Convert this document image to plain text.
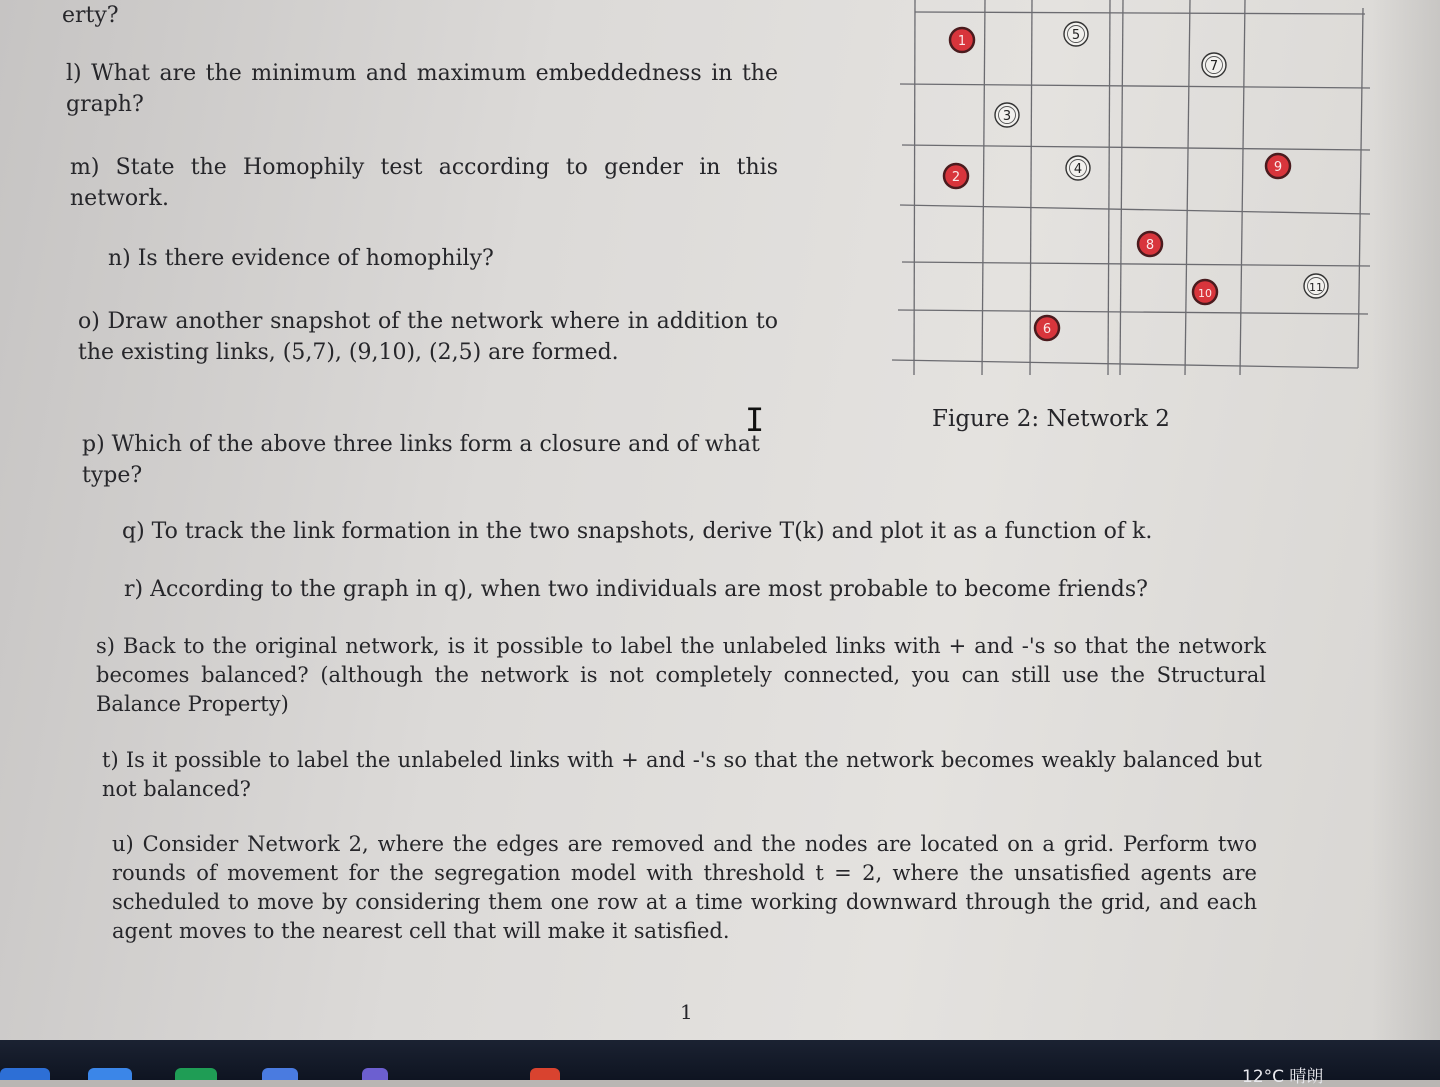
erty?

l) What are the minimum and maximum embeddedness in the graph?

m) State the Homophily test according to gender in this network.

n) Is there evidence of homophily?

o) Draw another snapshot of the network where in addition to the existing links, (5,7), (9,10), (2,5) are formed.

p) Which of the above three links form a closure and of what type?

q) To track the link formation in the two snapshots, derive T(k) and plot it as a function of k.

r) According to the graph in q), when two individuals are most probable to become friends?

s) Back to the original network, is it possible to label the unlabeled links with + and -'s so that the network becomes balanced? (although the network is not completely connected, you can still use the Structural Balance Property)

t) Is it possible to label the unlabeled links with + and -'s so that the network becomes weakly balanced but not balanced?

u) Consider Network 2, where the edges are removed and the nodes are located on a grid. Perform two rounds of movement for the segregation model with threshold t = 2, where the unsatisfied agents are scheduled to move by considering them one row at a time working downward through the grid, and each agent moves to the nearest cell that will make it satisfied.

I
1	5
7
3
2
4	9
8
10	11
6
Figure 2: Network 2
1
12°C 晴朗
